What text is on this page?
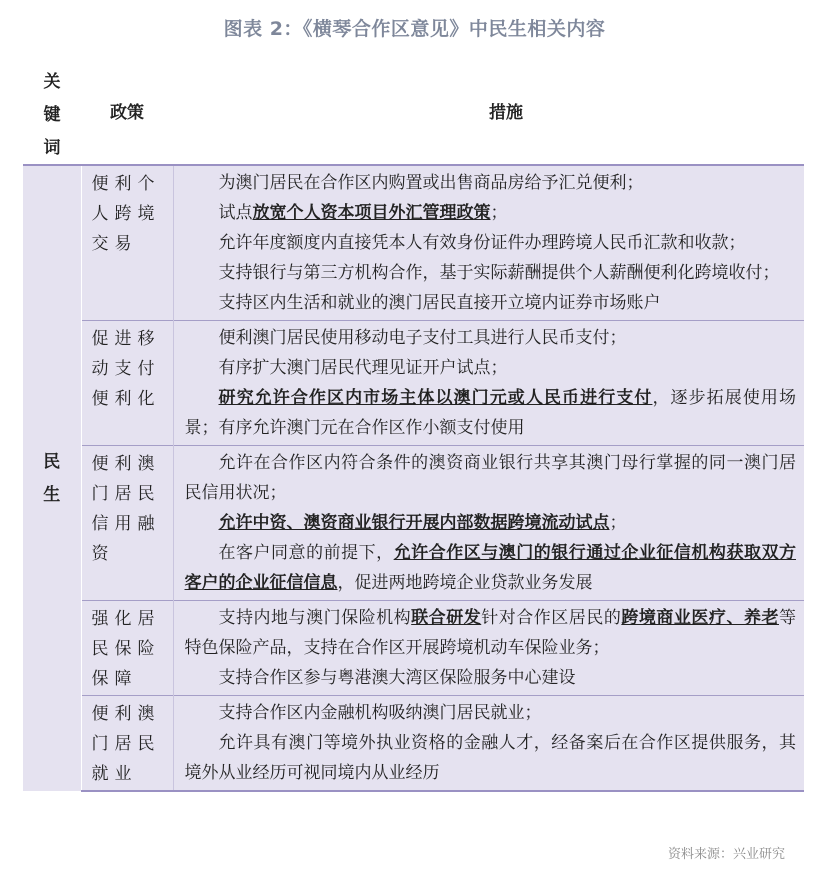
图表 2：《横琴合作区意见》中民生相关内容
关键词
政策	措施
民生	便利个人跨境交易	为澳门居民在合作区内购置或出售商品房给予汇兑便利；

试点放宽个人资本项目外汇管理政策；

允许年度额度内直接凭本人有效身份证件办理跨境人民币汇款和收款；

支持银行与第三方机构合作，基于实际薪酬提供个人薪酬便利化跨境收付；

支持区内生活和就业的澳门居民直接开立境内证券市场账户

	促进移动支付便利化	便利澳门居民使用移动电子支付工具进行人民币支付；

有序扩大澳门居民代理见证开户试点；

研究允许合作区内市场主体以澳门元或人民币进行支付，逐步拓展使用场景；有序允许澳门元在合作区作小额支付使用

	便利澳门居民信用融资	允许在合作区内符合条件的澳资商业银行共享其澳门母行掌握的同一澳门居民信用状况；

允许中资、澳资商业银行开展内部数据跨境流动试点；

在客户同意的前提下，允许合作区与澳门的银行通过企业征信机构获取双方客户的企业征信信息，促进两地跨境企业贷款业务发展

	强化居民保险保障	支持内地与澳门保险机构联合研发针对合作区居民的跨境商业医疗、养老等特色保险产品，支持在合作区开展跨境机动车保险业务；

支持合作区参与粤港澳大湾区保险服务中心建设

	便利澳门居民就业	支持合作区内金融机构吸纳澳门居民就业；

允许具有澳门等境外执业资格的金融人才，经备案后在合作区提供服务，其境外从业经历可视同境内从业经历

资料来源：兴业研究
